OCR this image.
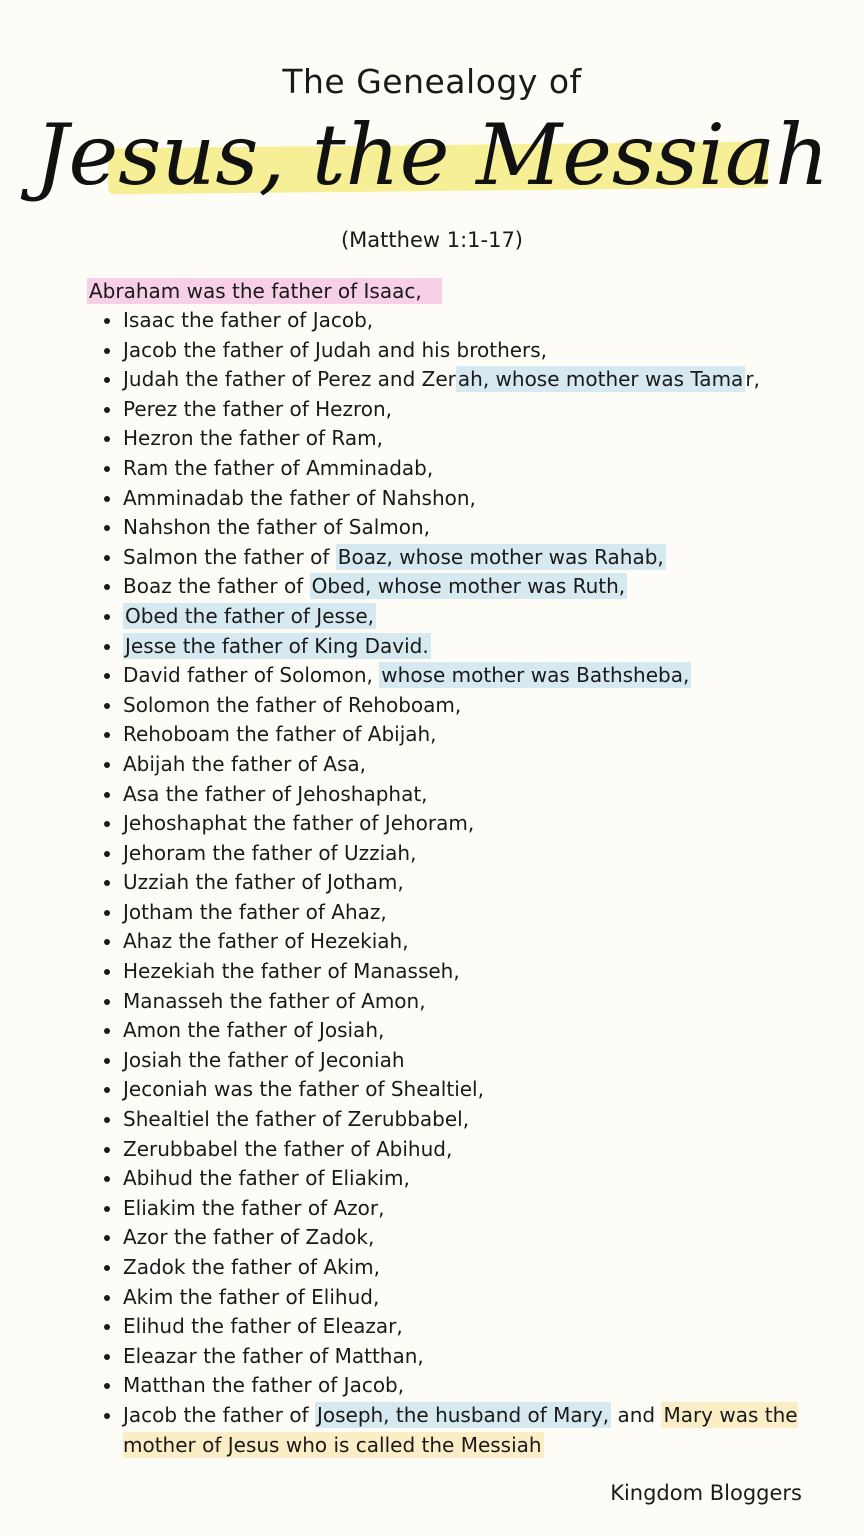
The Genealogy of
Jesus, the Messiah
(Matthew 1:1-17)
Abraham was the father of Isaac,
• Isaac the father of Jacob,
• Jacob the father of Judah and his brothers,
• Judah the father of Perez and Zer ah, whose mother was Tama r,
• Perez the father of Hezron,
• Hezron the father of Ram,
• Ram the father of Amminadab,
• Amminadab the father of Nahshon,
• Nahshon the father of Salmon,
• Salmon the father of Boaz, whose mother was Rahab,
• Boaz the father of Obed, whose mother was Ruth,
• Obed the father of Jesse,
• Jesse the father of King David.
• David father of Solomon, whose mother was Bathsheba,
• Solomon the father of Rehoboam,
• Rehoboam the father of Abijah,
• Abijah the father of Asa,
• Asa the father of Jehoshaphat,
• Jehoshaphat the father of Jehoram,
• Jehoram the father of Uzziah,
• Uzziah the father of Jotham,
• Jotham the father of Ahaz,
• Ahaz the father of Hezekiah,
• Hezekiah the father of Manasseh,
• Manasseh the father of Amon,
• Amon the father of Josiah,
• Josiah the father of Jeconiah
• Jeconiah was the father of Shealtiel,
• Shealtiel the father of Zerubbabel,
• Zerubbabel the father of Abihud,
• Abihud the father of Eliakim,
• Eliakim the father of Azor,
• Azor the father of Zadok,
• Zadok the father of Akim,
• Akim the father of Elihud,
• Elihud the father of Eleazar,
• Eleazar the father of Matthan,
• Matthan the father of Jacob,
• Jacob the father of Joseph, the husband of Mary, and Mary was the mother of Jesus who is called the Messiah
Kingdom Bloggers
